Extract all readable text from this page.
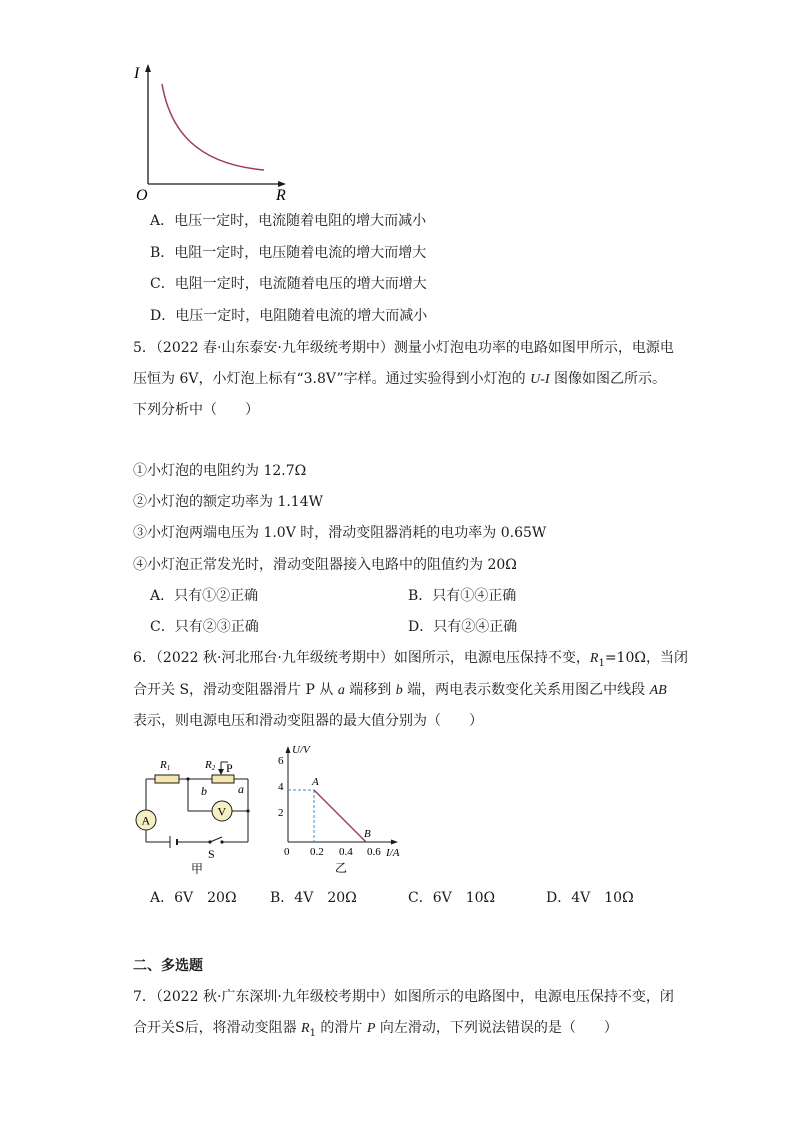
I
R
O
A．电压一定时，电流随着电阻的增大而减小
B．电阻一定时，电压随着电流的增大而增大
C．电阻一定时，电流随着电压的增大而增大
D．电压一定时，电阻随着电流的增大而减小
5．（2022 春·山东泰安·九年级统考期中）测量小灯泡电功率的电路如图甲所示，电源电
压恒为 6V，小灯泡上标有“3.8V”字样。通过实验得到小灯泡的 U-I 图像如图乙所示。
下列分析中（　　）
①小灯泡的电阻约为 12.7Ω
②小灯泡的额定功率为 1.14W
③小灯泡两端电压为 1.0V 时，滑动变阻器消耗的电功率为 0.65W
④小灯泡正常发光时，滑动变阻器接入电路中的阻值约为 20Ω
A．只有①②正确	B．只有①④正确
C．只有②③正确	D．只有②④正确
6．（2022 秋·河北邢台·九年级统考期中）如图所示，电源电压保持不变，$R_1=10\Omega$，当闭
合开关 S，滑动变阻器滑片 P 从 a 端移到 b 端，两电表示数变化关系用图乙中线段 AB
表示，则电源电压和滑动变阻器的最大值分别为（　　）
A
V
R1	R2 P
b	a
S
甲
U/V
I/A
0 0.2 0.4 0.6
2
4
6
乙
A
B
A．6V　20Ω B．4V　20Ω	C．6V　10Ω	D．4V　10Ω
二、多选题
7．（2022 秋·广东深圳·九年级校考期中）如图所示的电路图中，电源电压保持不变，闭
合开关S后，将滑动变阻器 $R_1$ 的滑片 P 向左滑动，下列说法错误的是（　　）
